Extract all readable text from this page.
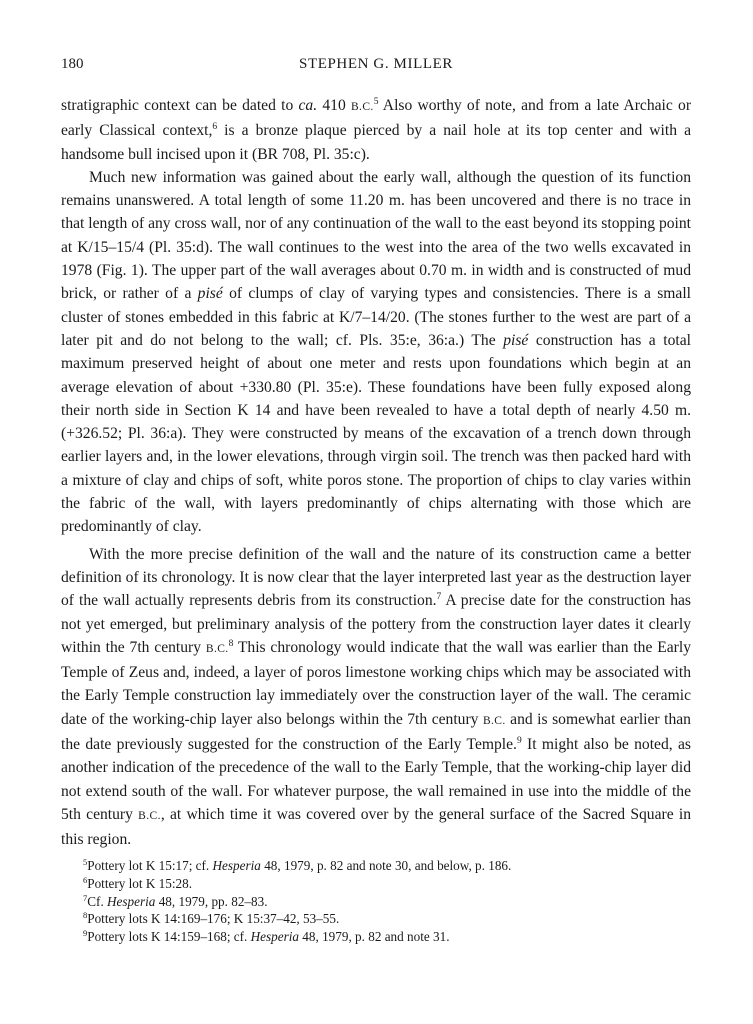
180	STEPHEN G. MILLER

stratigraphic context can be dated to ca. 410 B.C.$^5$ Also worthy of note, and from a late Archaic or early Classical context,$^6$ is a bronze plaque pierced by a nail hole at its top center and with a handsome bull incised upon it (BR 708, Pl. 35:c).

Much new information was gained about the early wall, although the question of its function remains unanswered. A total length of some 11.20 m. has been uncovered and there is no trace in that length of any cross wall, nor of any continuation of the wall to the east beyond its stopping point at K/15–15/4 (Pl. 35:d). The wall continues to the west into the area of the two wells excavated in 1978 (Fig. 1). The upper part of the wall averages about 0.70 m. in width and is constructed of mud brick, or rather of a pisé of clumps of clay of varying types and consistencies. There is a small cluster of stones embedded in this fabric at K/7–14/20. (The stones further to the west are part of a later pit and do not belong to the wall; cf. Pls. 35:e, 36:a.) The pisé construction has a total maximum preserved height of about one meter and rests upon foundations which begin at an average elevation of about +330.80 (Pl. 35:e). These foundations have been fully exposed along their north side in Section K 14 and have been revealed to have a total depth of nearly 4.50 m. (+326.52; Pl. 36:a). They were constructed by means of the excavation of a trench down through earlier layers and, in the lower elevations, through virgin soil. The trench was then packed hard with a mixture of clay and chips of soft, white poros stone. The proportion of chips to clay varies within the fabric of the wall, with layers predominantly of chips alternating with those which are predominantly of clay.

With the more precise definition of the wall and the nature of its construction came a better definition of its chronology. It is now clear that the layer interpreted last year as the destruction layer of the wall actually represents debris from its construction.$^7$ A precise date for the construction has not yet emerged, but preliminary analysis of the pottery from the construction layer dates it clearly within the 7th century B.C.$^8$ This chronology would indicate that the wall was earlier than the Early Temple of Zeus and, indeed, a layer of poros limestone working chips which may be associated with the Early Temple construction lay immediately over the construction layer of the wall. The ceramic date of the working-chip layer also belongs within the 7th century B.C. and is somewhat earlier than the date previously suggested for the construction of the Early Temple.$^9$ It might also be noted, as another indication of the precedence of the wall to the Early Temple, that the working-chip layer did not extend south of the wall. For whatever purpose, the wall remained in use into the middle of the 5th century B.C., at which time it was covered over by the general surface of the Sacred Square in this region.

$^5$Pottery lot K 15:17; cf. Hesperia 48, 1979, p. 82 and note 30, and below, p. 186.
$^6$Pottery lot K 15:28.
$^7$Cf. Hesperia 48, 1979, pp. 82–83.
$^8$Pottery lots K 14:169–176; K 15:37–42, 53–55.
$^9$Pottery lots K 14:159–168; cf. Hesperia 48, 1979, p. 82 and note 31.
